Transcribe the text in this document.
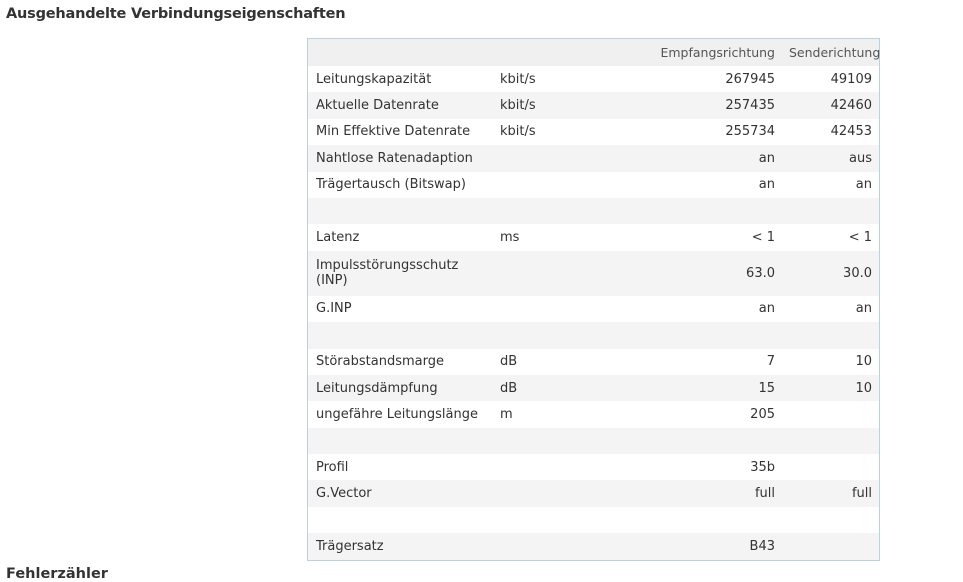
Ausgehandelte Verbindungseigenschaften
		Empfangsrichtung	Senderichtung
Leitungskapazität	kbit/s	267945	49109
Aktuelle Datenrate	kbit/s	257435	42460
Min Effektive Datenrate	kbit/s	255734	42453
Nahtlose Ratenadaption		an	aus
Trägertausch (Bitswap)		an	an

Latenz	ms	< 1	< 1
Impulsstörungsschutz (INP)		63.0	30.0
G.INP		an	an

Störabstandsmarge	dB	7	10
Leitungsdämpfung	dB	15	10
ungefähre Leitungslänge	m	205	

Profil		35b	
G.Vector		full	full

Trägersatz		B43	
Fehlerzähler
